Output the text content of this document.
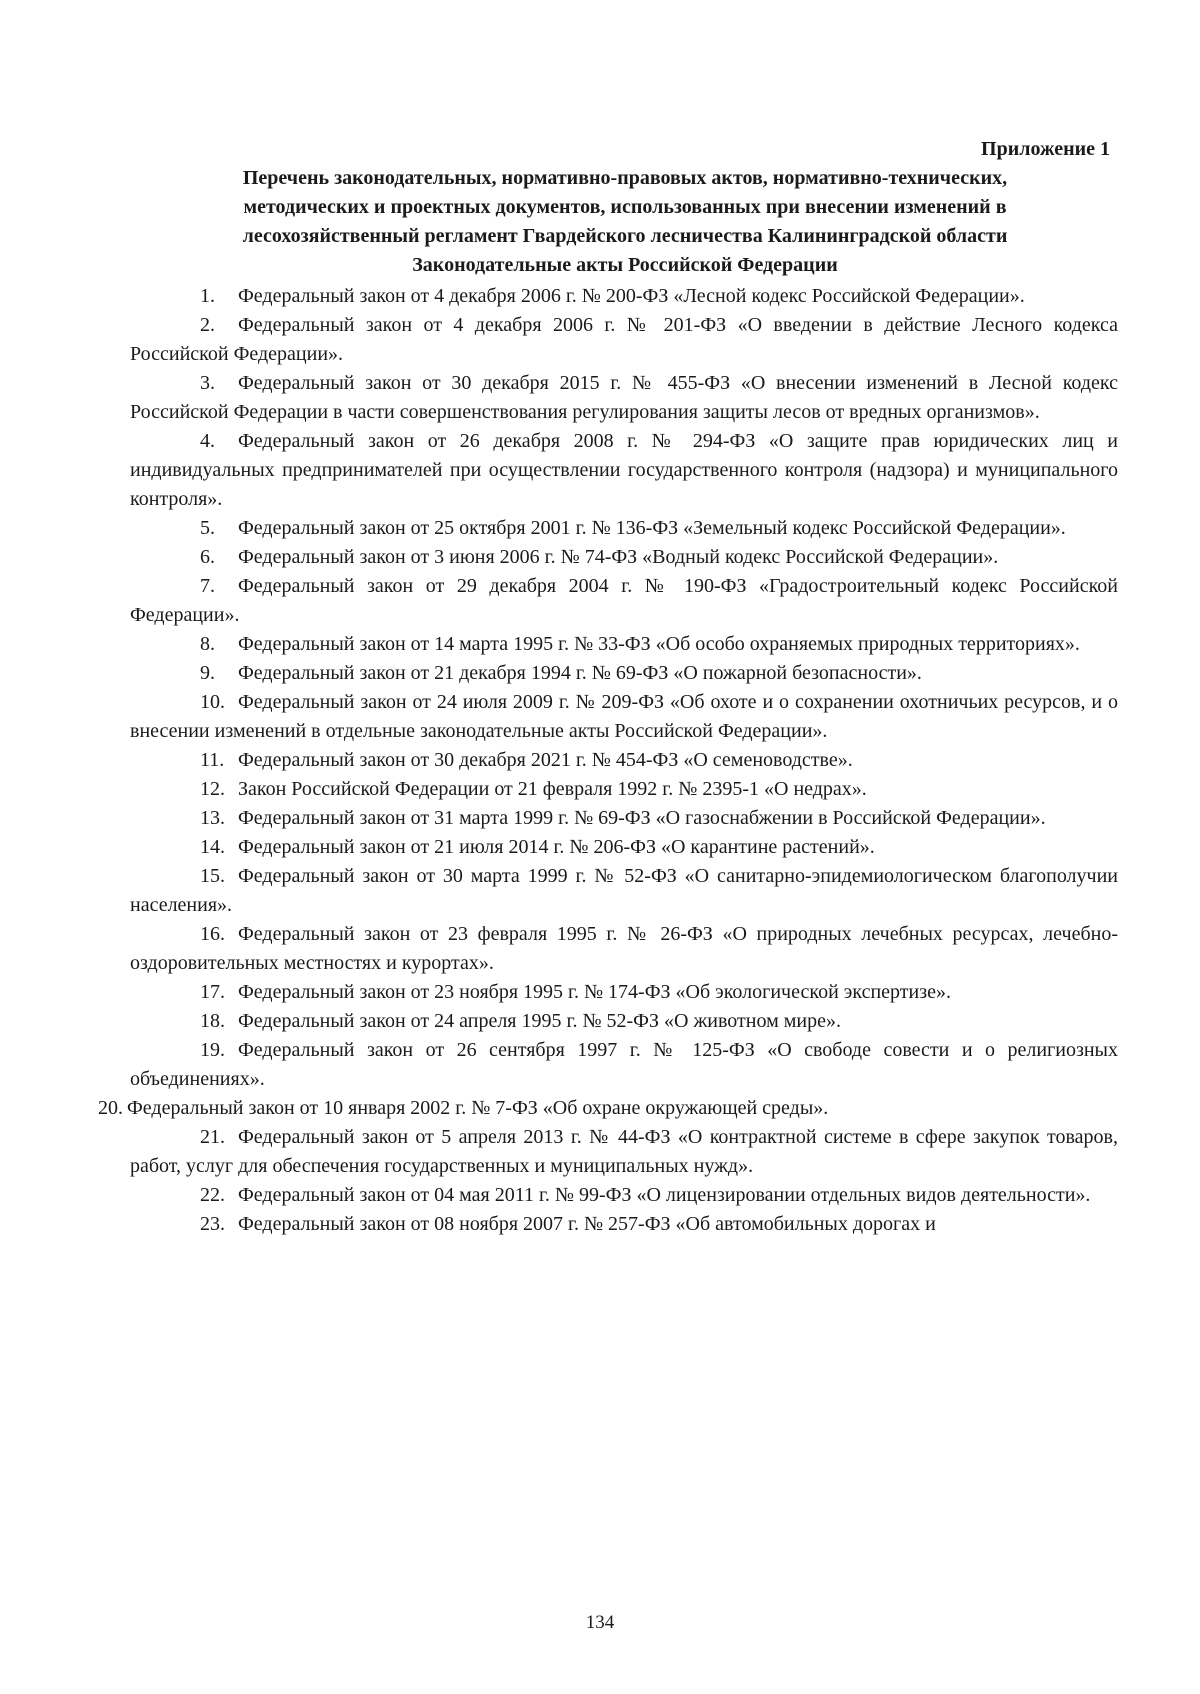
Приложение 1
Перечень законодательных, нормативно-правовых актов, нормативно-технических,
методических и проектных документов, использованных при внесении изменений в
лесохозяйственный регламент Гвардейского лесничества Калининградской области
Законодательные акты Российской Федерации

1. Федеральный закон от 4 декабря 2006 г. № 200-ФЗ «Лесной кодекс Российской Федерации».

2. Федеральный закон от 4 декабря 2006 г. № 201-ФЗ «О введении в действие Лесного кодекса Российской Федерации».

3. Федеральный закон от 30 декабря 2015 г. № 455-ФЗ «О внесении изменений в Лесной кодекс Российской Федерации в части совершенствования регулирования защиты лесов от вредных организмов».

4. Федеральный закон от 26 декабря 2008 г. № 294-ФЗ «О защите прав юридических лиц и индивидуальных предпринимателей при осуществлении государственного контроля (надзора) и муниципального контроля».

5. Федеральный закон от 25 октября 2001 г. № 136-ФЗ «Земельный кодекс Российской Федерации».

6. Федеральный закон от 3 июня 2006 г. № 74-ФЗ «Водный кодекс Российской Федерации».

7. Федеральный закон от 29 декабря 2004 г. № 190-ФЗ «Градостроительный кодекс Российской Федерации».

8. Федеральный закон от 14 марта 1995 г. № 33-ФЗ «Об особо охраняемых природных территориях».

9. Федеральный закон от 21 декабря 1994 г. № 69-ФЗ «О пожарной безопасности».

10. Федеральный закон от 24 июля 2009 г. № 209-ФЗ «Об охоте и о сохранении охотничьих ресурсов, и о внесении изменений в отдельные законодательные акты Российской Федерации».

11. Федеральный закон от 30 декабря 2021 г. № 454-ФЗ «О семеноводстве».

12. Закон Российской Федерации от 21 февраля 1992 г. № 2395-1 «О недрах».

13. Федеральный закон от 31 марта 1999 г. № 69-ФЗ «О газоснабжении в Российской Федерации».

14. Федеральный закон от 21 июля 2014 г. № 206-ФЗ «О карантине растений».

15. Федеральный закон от 30 марта 1999 г. № 52-ФЗ «О санитарно-эпидемиологическом благополучии населения».

16. Федеральный закон от 23 февраля 1995 г. № 26-ФЗ «О природных лечебных ресурсах, лечебно-оздоровительных местностях и курортах».

17. Федеральный закон от 23 ноября 1995 г. № 174-ФЗ «Об экологической экспертизе».

18. Федеральный закон от 24 апреля 1995 г. № 52-ФЗ «О животном мире».

19. Федеральный закон от 26 сентября 1997 г. № 125-ФЗ «О свободе совести и о религиозных объединениях».

20. Федеральный закон от 10 января 2002 г. № 7-ФЗ «Об охране окружающей среды».

21. Федеральный закон от 5 апреля 2013 г. № 44-ФЗ «О контрактной системе в сфере закупок товаров, работ, услуг для обеспечения государственных и муниципальных нужд».

22. Федеральный закон от 04 мая 2011 г. № 99-ФЗ «О лицензировании отдельных видов деятельности».

23. Федеральный закон от 08 ноября 2007 г. № 257-ФЗ «Об автомобильных дорогах и

134
